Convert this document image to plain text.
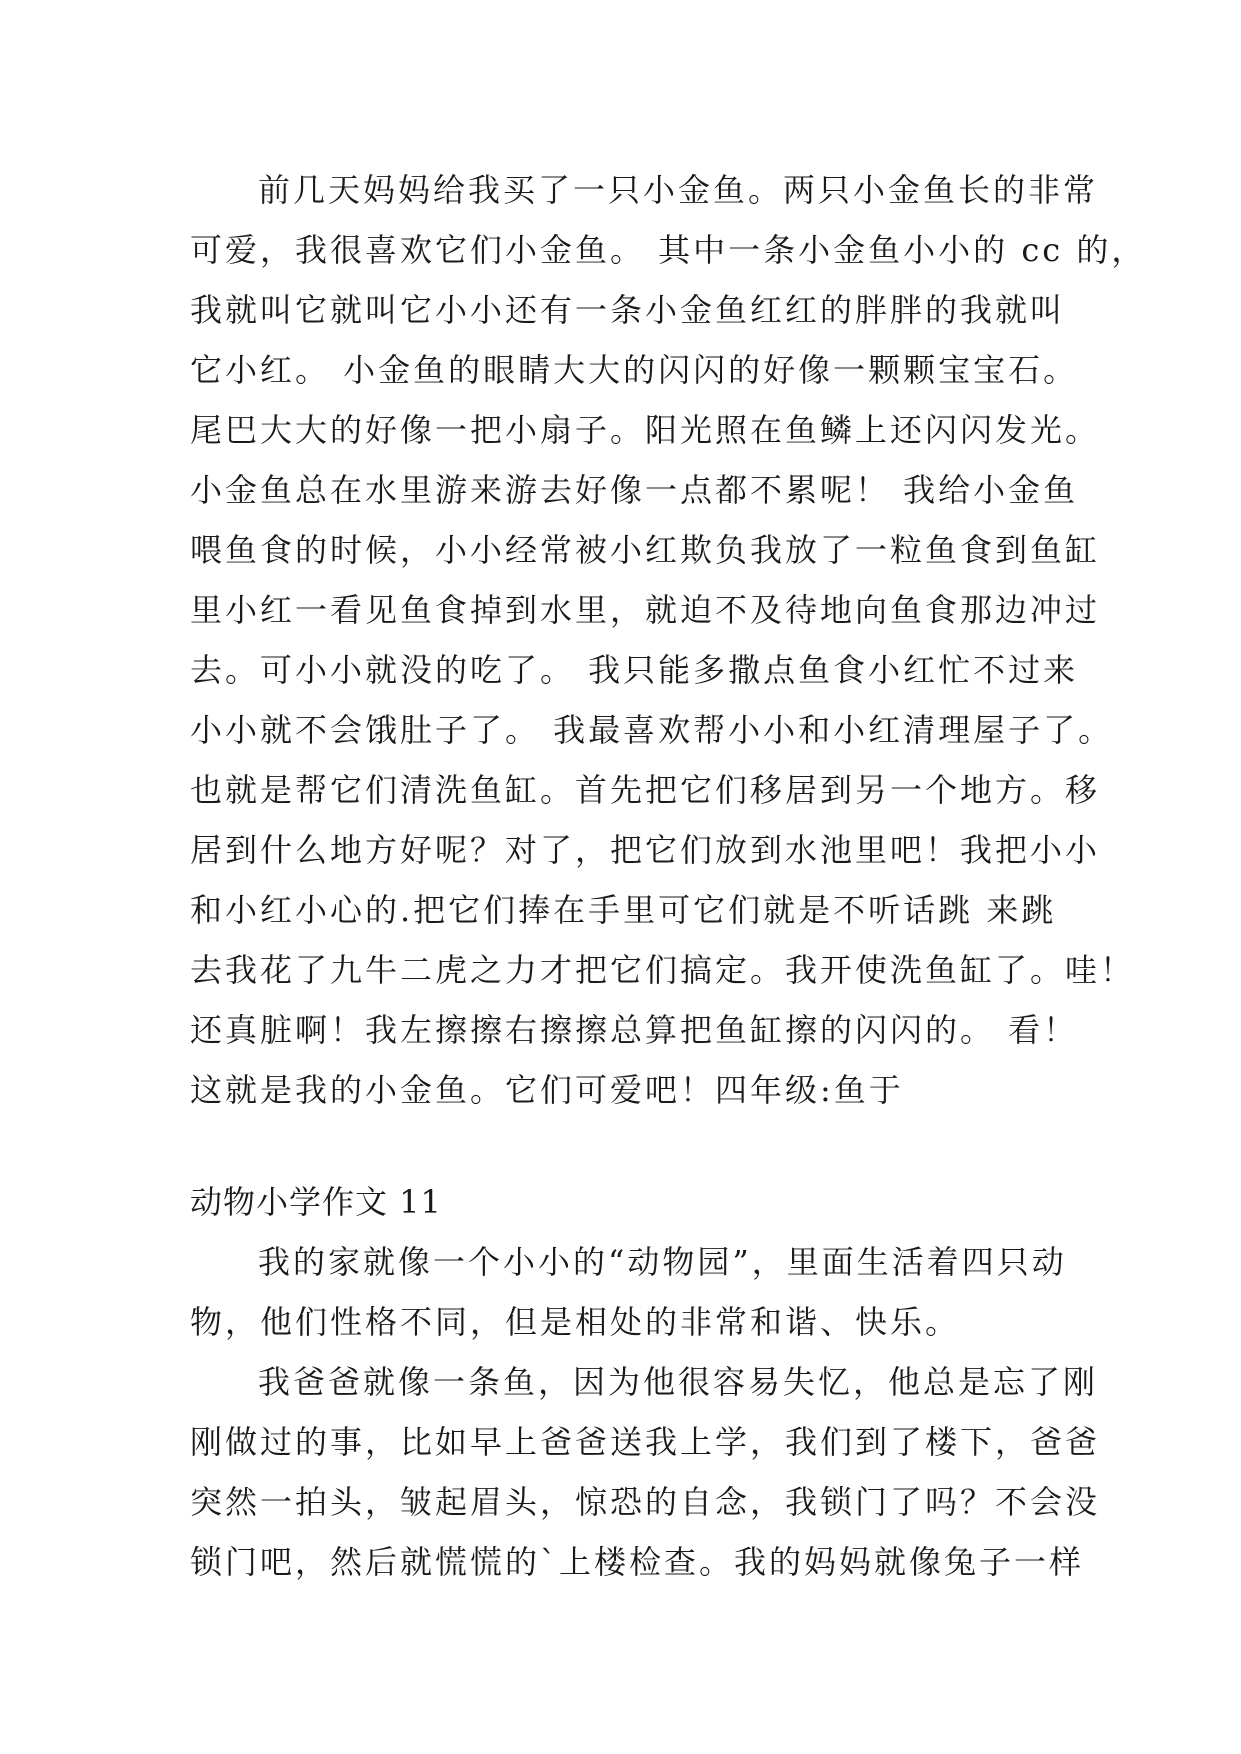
前几天妈妈给我买了一只小金鱼。两只小金鱼长的非常
可爱，我很喜欢它们小金鱼。 其中一条小金鱼小小的 cc 的，
我就叫它就叫它小小还有一条小金鱼红红的胖胖的我就叫
它小红。 小金鱼的眼睛大大的闪闪的好像一颗颗宝宝石。
尾巴大大的好像一把小扇子。阳光照在鱼鳞上还闪闪发光。
小金鱼总在水里游来游去好像一点都不累呢！ 我给小金鱼
喂鱼食的时候，小小经常被小红欺负我放了一粒鱼食到鱼缸
里小红一看见鱼食掉到水里，就迫不及待地向鱼食那边冲过
去。可小小就没的吃了。 我只能多撒点鱼食小红忙不过来
小小就不会饿肚子了。 我最喜欢帮小小和小红清理屋子了。
也就是帮它们清洗鱼缸。首先把它们移居到另一个地方。移
居到什么地方好呢？对了，把它们放到水池里吧！我把小小
和小红小心的.把它们捧在手里可它们就是不听话跳 来跳
去我花了九牛二虎之力才把它们搞定。我开使洗鱼缸了。哇！
还真脏啊！我左擦擦右擦擦总算把鱼缸擦的闪闪的。 看！
这就是我的小金鱼。它们可爱吧！四年级:鱼于
动物小学作文 11
我的家就像一个小小的“动物园”，里面生活着四只动
物，他们性格不同，但是相处的非常和谐、快乐。
我爸爸就像一条鱼，因为他很容易失忆，他总是忘了刚
刚做过的事，比如早上爸爸送我上学，我们到了楼下，爸爸
突然一拍头，皱起眉头，惊恐的自念，我锁门了吗？不会没
锁门吧，然后就慌慌的`上楼检查。我的妈妈就像兔子一样
